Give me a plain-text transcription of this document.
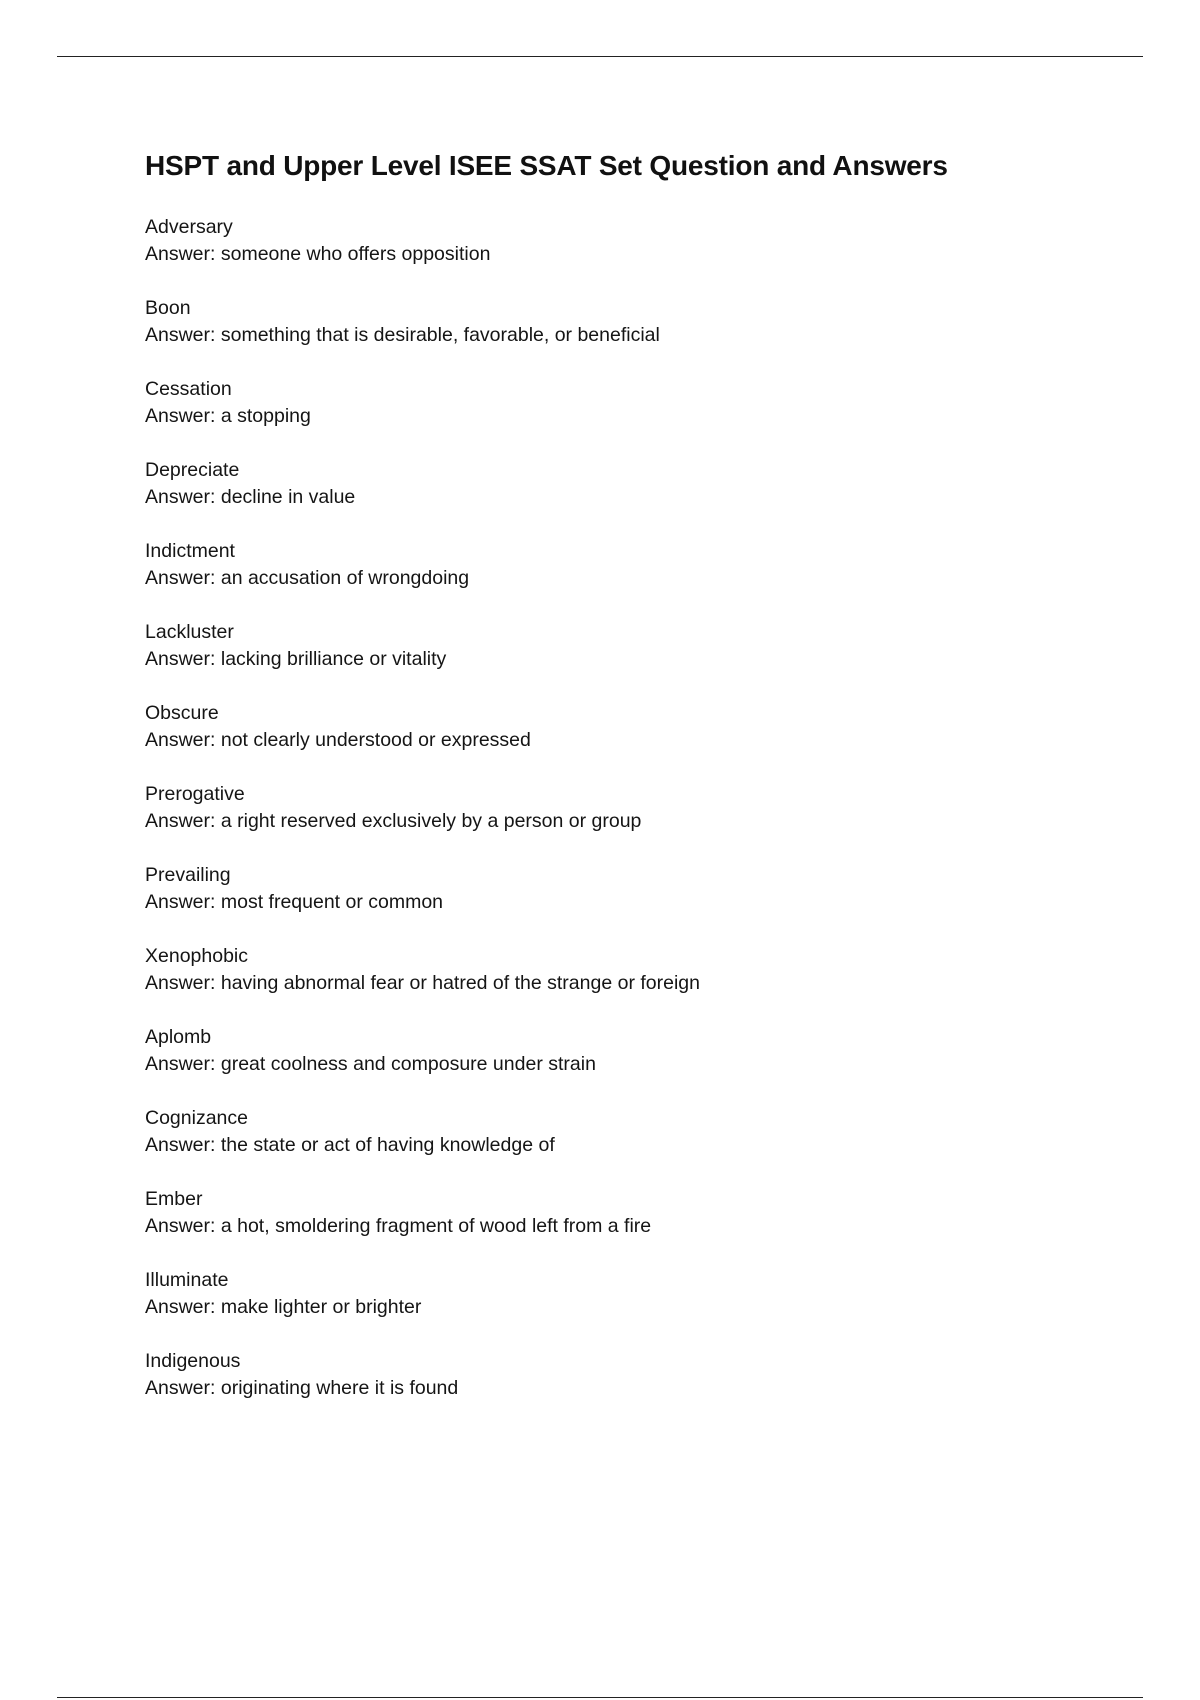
HSPT and Upper Level ISEE SSAT Set Question and Answers
Adversary
Answer: someone who offers opposition
Boon
Answer: something that is desirable, favorable, or beneficial
Cessation
Answer: a stopping
Depreciate
Answer: decline in value
Indictment
Answer: an accusation of wrongdoing
Lackluster
Answer: lacking brilliance or vitality
Obscure
Answer: not clearly understood or expressed
Prerogative
Answer: a right reserved exclusively by a person or group
Prevailing
Answer: most frequent or common
Xenophobic
Answer: having abnormal fear or hatred of the strange or foreign
Aplomb
Answer: great coolness and composure under strain
Cognizance
Answer: the state or act of having knowledge of
Ember
Answer: a hot, smoldering fragment of wood left from a fire
Illuminate
Answer: make lighter or brighter
Indigenous
Answer: originating where it is found
